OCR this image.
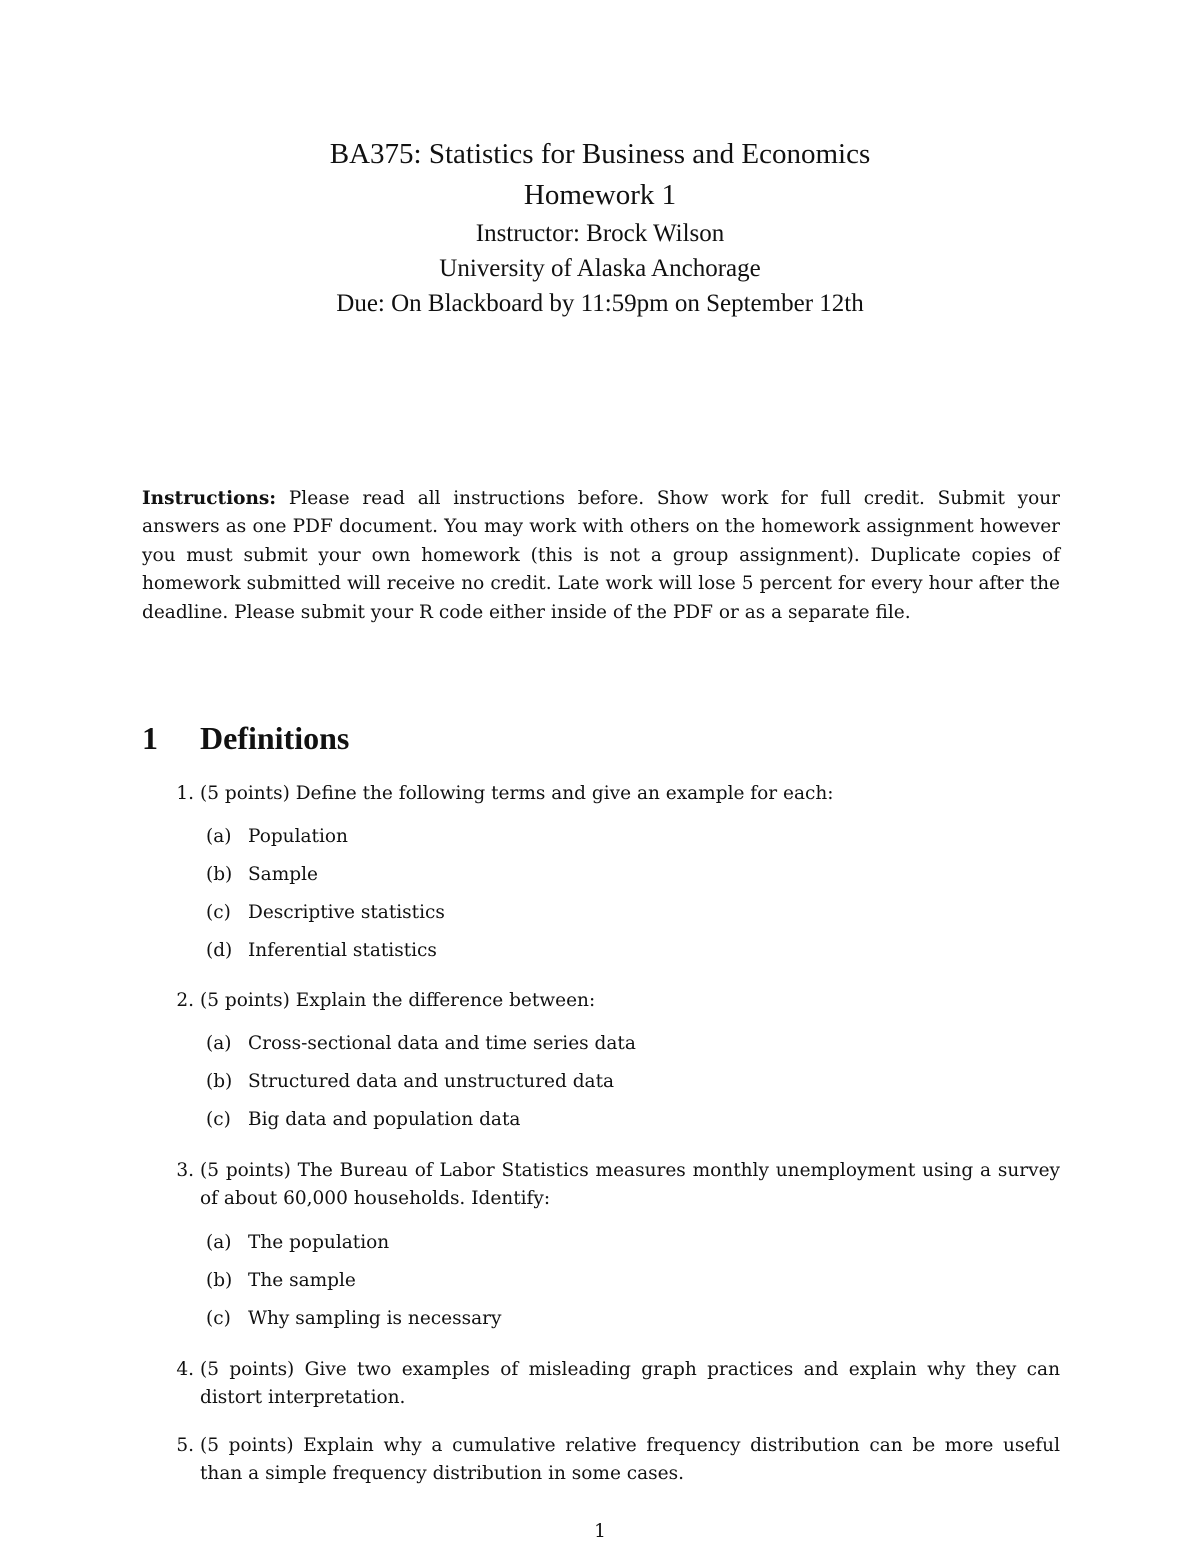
BA375: Statistics for Business and Economics

Homework 1

Instructor: Brock Wilson

University of Alaska Anchorage

Due: On Blackboard by 11:59pm on September 12th

Instructions: Please read all instructions before. Show work for full credit. Submit your answers as one PDF document. You may work with others on the homework assignment however you must submit your own homework (this is not a group assignment). Duplicate copies of homework submitted will receive no credit. Late work will lose 5 percent for every hour after the deadline. Please submit your R code either inside of the PDF or as a separate file.
1 Definitions
1. (5 points) Define the following terms and give an example for each:
(a) Population
(b) Sample
(c) Descriptive statistics
(d) Inferential statistics
2. (5 points) Explain the difference between:
(a) Cross-sectional data and time series data
(b) Structured data and unstructured data
(c) Big data and population data
3. (5 points) The Bureau of Labor Statistics measures monthly unemployment using a survey of about 60,000 households. Identify:
(a) The population
(b) The sample
(c) Why sampling is necessary
4. (5 points) Give two examples of misleading graph practices and explain why they can distort interpretation.
5. (5 points) Explain why a cumulative relative frequency distribution can be more useful than a simple frequency distribution in some cases.
1
